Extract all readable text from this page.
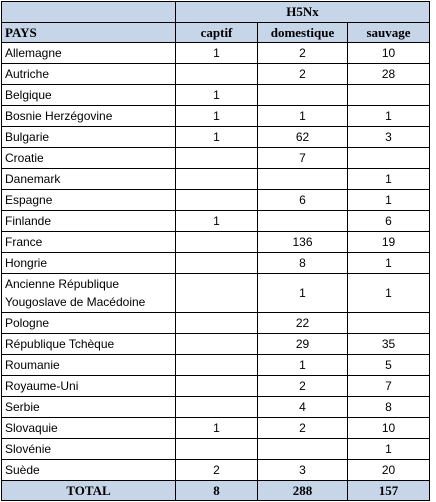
	H5Nx		
PAYS	captif	domestique	sauvage
Allemagne	1	2	10
Autriche		2	28
Belgique	1		
Bosnie Herzégovine	1	1	1
Bulgarie	1	62	3
Croatie		7	
Danemark			1
Espagne		6	1
Finlande	1		6
France		136	19
Hongrie		8	1
Ancienne République Yougoslave de Macédoine		1	1
Pologne		22	
République Tchèque		29	35
Roumanie		1	5
Royaume-Uni		2	7
Serbie		4	8
Slovaquie	1	2	10
Slovénie			1
Suède	2	3	20
TOTAL	8	288	157
